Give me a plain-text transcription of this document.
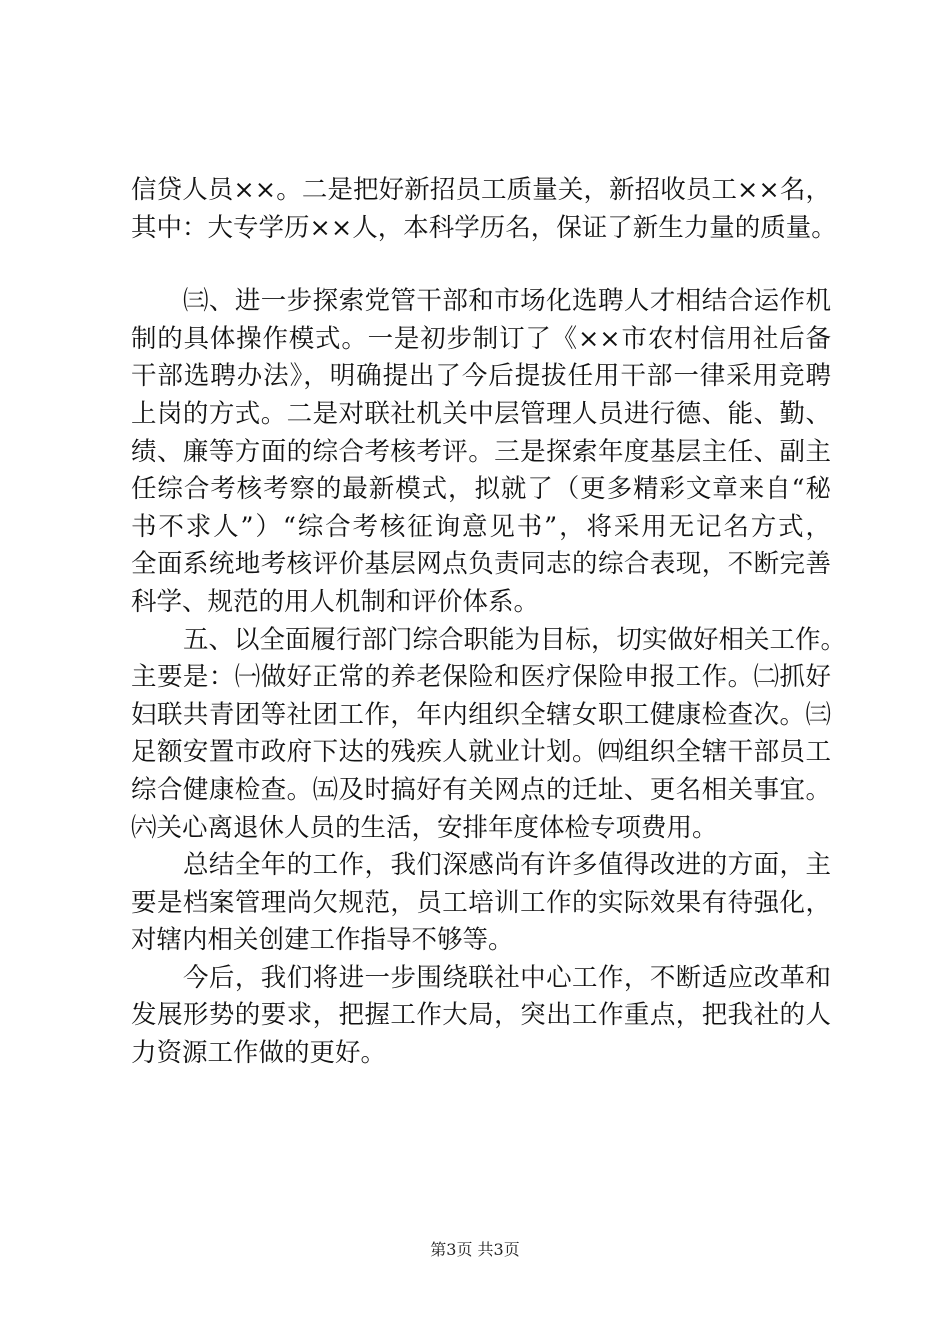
信贷人员××。二是把好新招员工质量关，新招收员工××名，
其中：大专学历××人，本科学历名，保证了新生力量的质量。
㈢、进一步探索党管干部和市场化选聘人才相结合运作机
制的具体操作模式。一是初步制订了《××市农村信用社后备
干部选聘办法》，明确提出了今后提拔任用干部一律采用竞聘
上岗的方式。二是对联社机关中层管理人员进行德、能、勤、
绩、廉等方面的综合考核考评。三是探索年度基层主任、副主
任综合考核考察的最新模式，拟就了（更多精彩文章来自“秘
书不求人”）“综合考核征询意见书”，将采用无记名方式，
全面系统地考核评价基层网点负责同志的综合表现，不断完善
科学、规范的用人机制和评价体系。
五、以全面履行部门综合职能为目标，切实做好相关工作。
主要是：㈠做好正常的养老保险和医疗保险申报工作。㈡抓好
妇联共青团等社团工作，年内组织全辖女职工健康检查次。㈢
足额安置市政府下达的残疾人就业计划。㈣组织全辖干部员工
综合健康检查。㈤及时搞好有关网点的迁址、更名相关事宜。
㈥关心离退休人员的生活，安排年度体检专项费用。
总结全年的工作，我们深感尚有许多值得改进的方面，主
要是档案管理尚欠规范，员工培训工作的实际效果有待强化，
对辖内相关创建工作指导不够等。
今后，我们将进一步围绕联社中心工作，不断适应改革和
发展形势的要求，把握工作大局，突出工作重点，把我社的人
力资源工作做的更好。
第3页 共3页
